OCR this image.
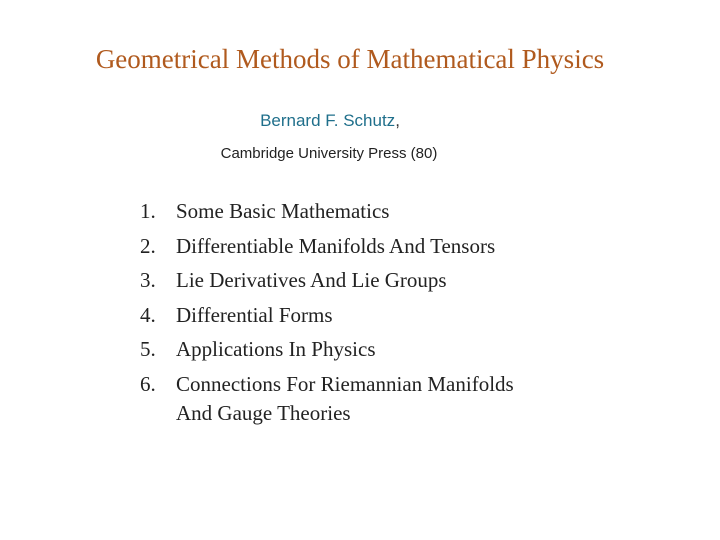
Geometrical Methods of Mathematical Physics
Bernard F. Schutz,
Cambridge University Press (80)
1. Some Basic Mathematics
2. Differentiable Manifolds And Tensors
3. Lie Derivatives And Lie Groups
4. Differential Forms
5. Applications In Physics
6. Connections For Riemannian Manifolds
And Gauge Theories
